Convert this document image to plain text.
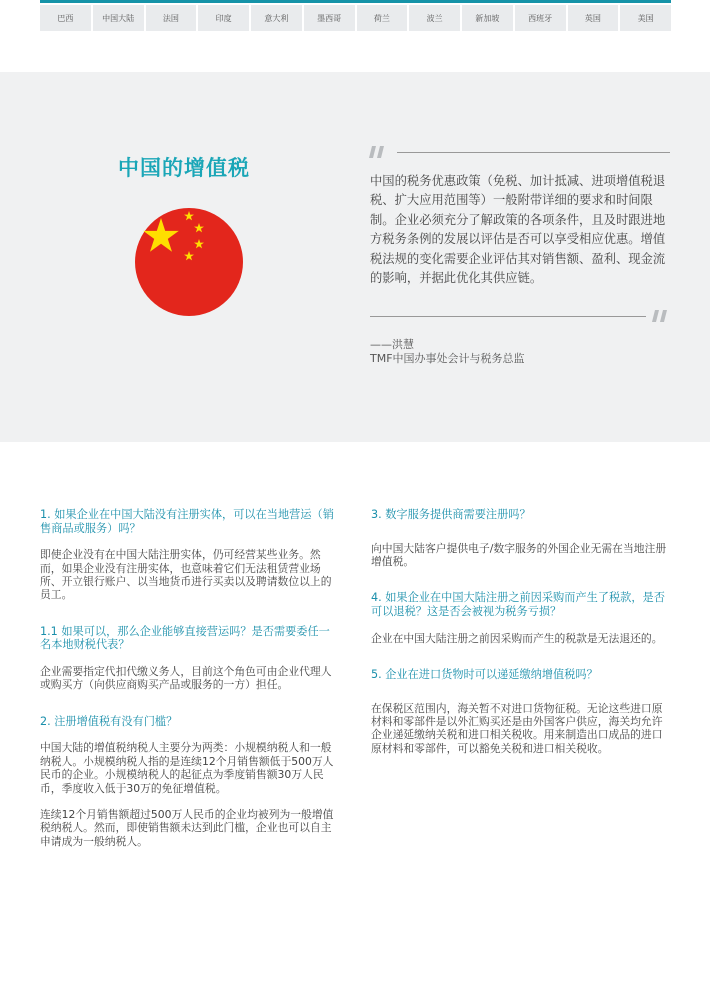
巴西	中国大陆	法国	印度	意大利	墨西哥	荷兰	波兰	新加坡	西班牙	英国	美国
中国的增值税

中国的税务优惠政策（免税、加计抵减、进项增值税退税、扩大应用范围等）一般附带详细的要求和时间限制。企业必须充分了解政策的各项条件，且及时跟进地方税务条例的发展以评估是否可以享受相应优惠。增值税法规的变化需要企业评估其对销售额、盈利、现金流的影响，并据此优化其供应链。

——洪慧
TMF中国办事处会计与税务总监

1. 如果企业在中国大陆没有注册实体，可以在当地营运（销售商品或服务）吗？

即使企业没有在中国大陆注册实体，仍可经营某些业务。然而，如果企业没有注册实体，也意味着它们无法租赁营业场所、开立银行账户、以当地货币进行买卖以及聘请数位以上的员工。

1.1 如果可以，那么企业能够直接营运吗？是否需要委任一名本地财税代表？

企业需要指定代扣代缴义务人，目前这个角色可由企业代理人或购买方（向供应商购买产品或服务的一方）担任。

2. 注册增值税有没有门槛？

中国大陆的增值税纳税人主要分为两类：小规模纳税人和一般纳税人。小规模纳税人指的是连续12个月销售额低于500万人民币的企业。小规模纳税人的起征点为季度销售额30万人民币，季度收入低于30万的免征增值税。

连续12个月销售额超过500万人民币的企业均被列为一般增值税纳税人。然而，即使销售额未达到此门槛，企业也可以自主申请成为一般纳税人。

3. 数字服务提供商需要注册吗？

向中国大陆客户提供电子/数字服务的外国企业无需在当地注册增值税。

4. 如果企业在中国大陆注册之前因采购而产生了税款，是否可以退税？这是否会被视为税务亏损？

企业在中国大陆注册之前因采购而产生的税款是无法退还的。

5. 企业在进口货物时可以递延缴纳增值税吗？

在保税区范围内，海关暂不对进口货物征税。无论这些进口原材料和零部件是以外汇购买还是由外国客户供应，海关均允许企业递延缴纳关税和进口相关税收。用来制造出口成品的进口原材料和零部件，可以豁免关税和进口相关税收。
